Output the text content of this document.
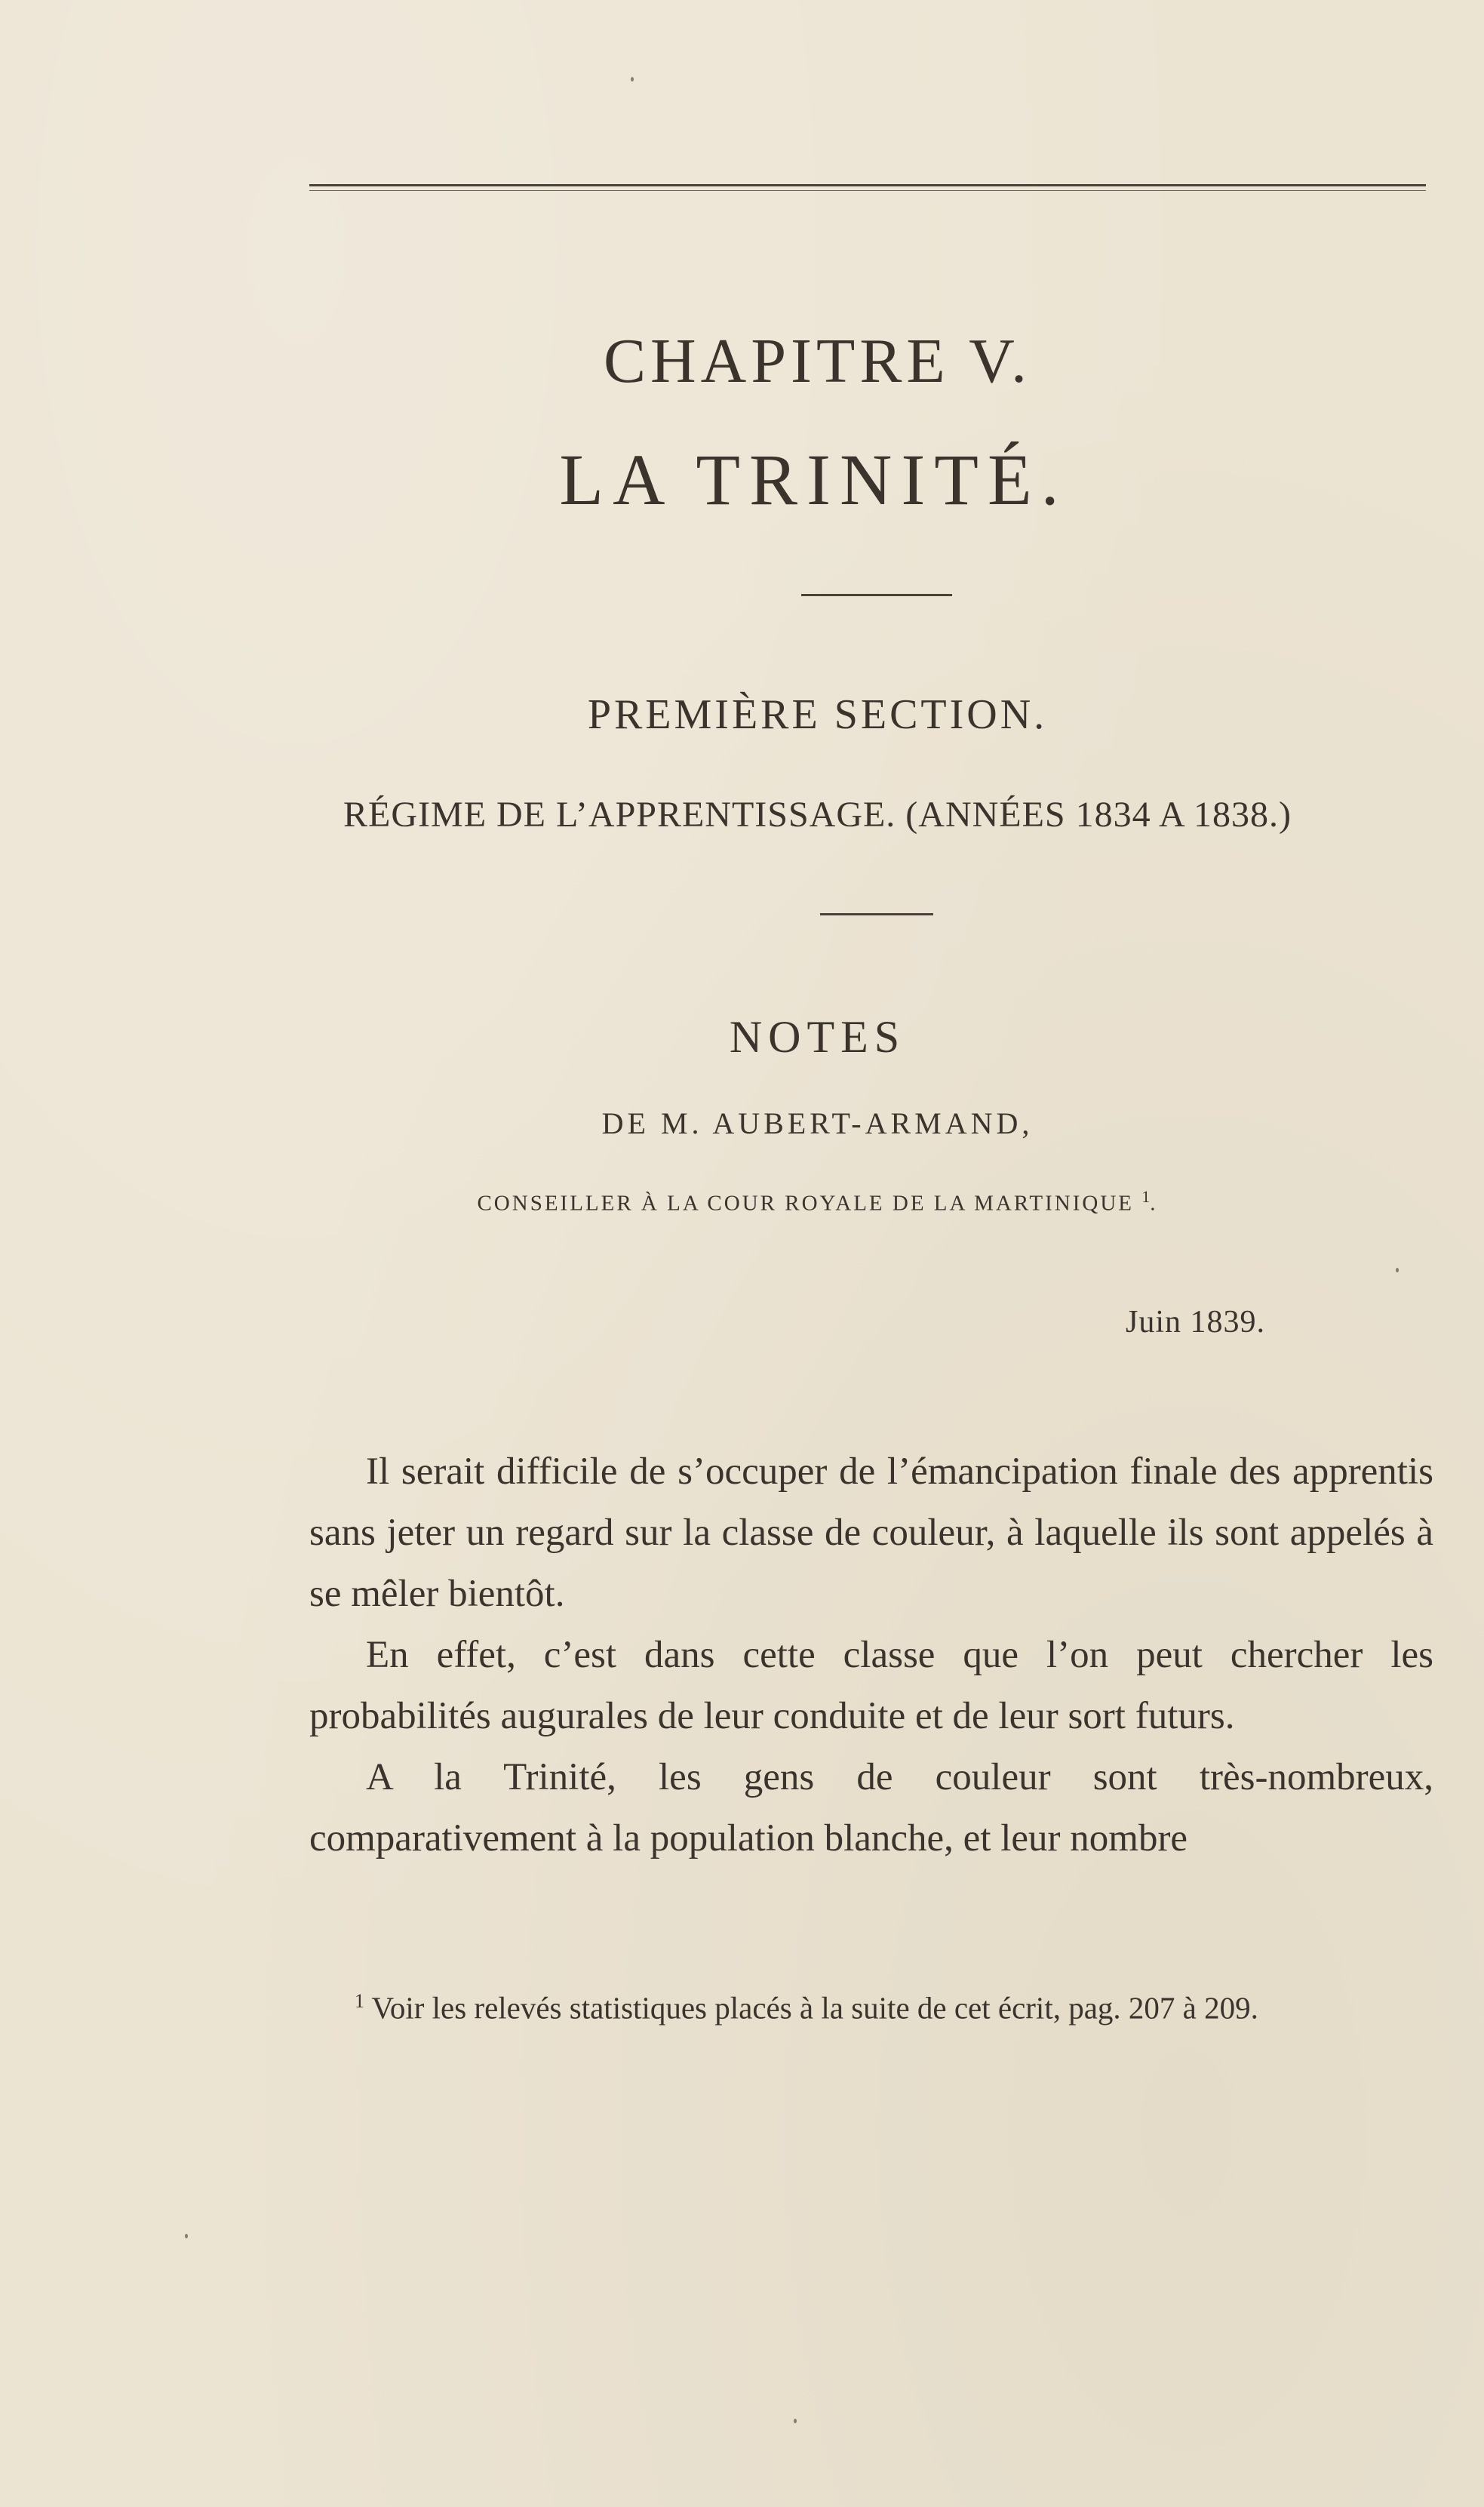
CHAPITRE V.
LA TRINITÉ.
PREMIÈRE SECTION.
RÉGIME DE L’APPRENTISSAGE. (ANNÉES 1834 A 1838.)
NOTES
DE M. AUBERT-ARMAND,
CONSEILLER À LA COUR ROYALE DE LA MARTINIQUE $^1$.
Juin 1839.

Il serait difficile de s’occuper de l’émancipation finale des apprentis sans jeter un regard sur la classe de couleur, à laquelle ils sont appelés à se mêler bientôt.

En effet, c’est dans cette classe que l’on peut chercher les probabilités augurales de leur conduite et de leur sort futurs.

A la Trinité, les gens de couleur sont très-nombreux, comparativement à la population blanche, et leur nombre

$^1$ Voir les relevés statistiques placés à la suite de cet écrit, pag. 207 à 209.
